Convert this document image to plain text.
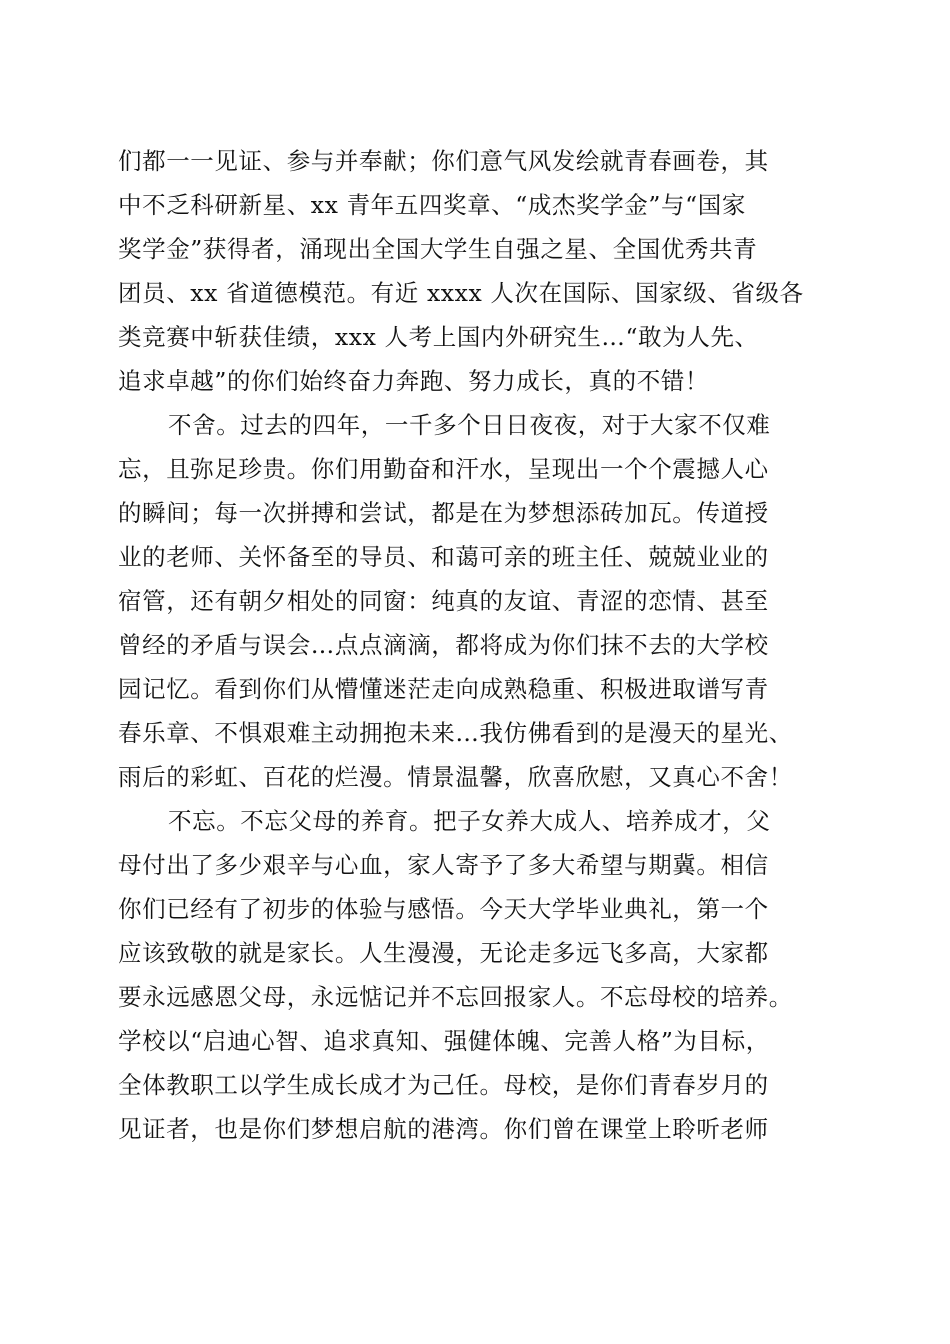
们都一一见证、参与并奉献；你们意气风发绘就青春画卷，其
中不乏科研新星、xx 青年五四奖章、“成杰奖学金”与“国家
奖学金”获得者，涌现出全国大学生自强之星、全国优秀共青
团员、xx 省道德模范。有近 xxxx 人次在国际、国家级、省级各
类竞赛中斩获佳绩，xxx 人考上国内外研究生…“敢为人先、
追求卓越”的你们始终奋力奔跑、努力成长，真的不错！
不舍。过去的四年，一千多个日日夜夜，对于大家不仅难
忘，且弥足珍贵。你们用勤奋和汗水，呈现出一个个震撼人心
的瞬间；每一次拼搏和尝试，都是在为梦想添砖加瓦。传道授
业的老师、关怀备至的导员、和蔼可亲的班主任、兢兢业业的
宿管，还有朝夕相处的同窗：纯真的友谊、青涩的恋情、甚至
曾经的矛盾与误会…点点滴滴，都将成为你们抹不去的大学校
园记忆。看到你们从懵懂迷茫走向成熟稳重、积极进取谱写青
春乐章、不惧艰难主动拥抱未来…我仿佛看到的是漫天的星光、
雨后的彩虹、百花的烂漫。情景温馨，欣喜欣慰，又真心不舍！
不忘。不忘父母的养育。把子女养大成人、培养成才，父
母付出了多少艰辛与心血，家人寄予了多大希望与期冀。相信
你们已经有了初步的体验与感悟。今天大学毕业典礼，第一个
应该致敬的就是家长。人生漫漫，无论走多远飞多高，大家都
要永远感恩父母，永远惦记并不忘回报家人。不忘母校的培养。
学校以“启迪心智、追求真知、强健体魄、完善人格”为目标，
全体教职工以学生成长成才为己任。母校，是你们青春岁月的
见证者，也是你们梦想启航的港湾。你们曾在课堂上聆听老师
